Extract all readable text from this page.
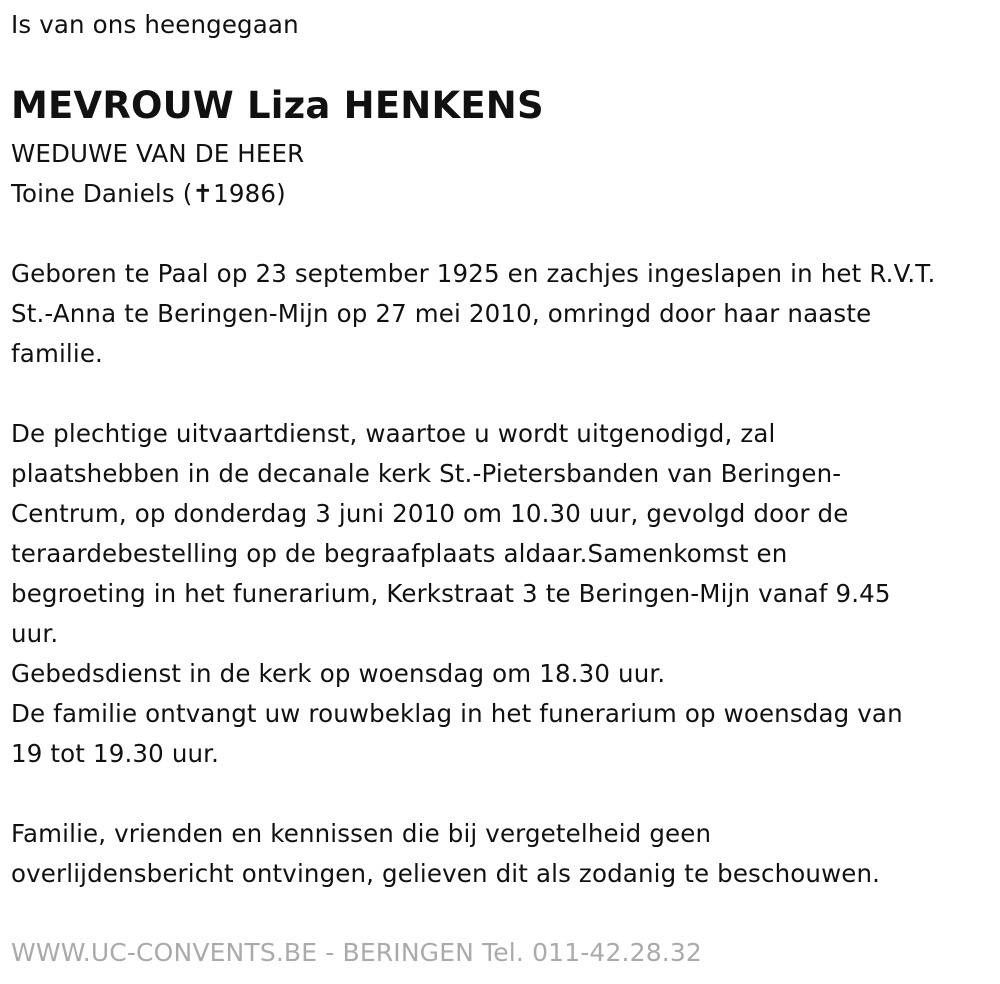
Is van ons heengegaan
MEVROUW Liza HENKENS
WEDUWE VAN DE HEER
Toine Daniels (✝1986)
Geboren te Paal op 23 september 1925 en zachjes ingeslapen in het R.V.T.
St.-Anna te Beringen-Mijn op 27 mei 2010, omringd door haar naaste
familie.
De plechtige uitvaartdienst, waartoe u wordt uitgenodigd, zal
plaatshebben in de decanale kerk St.-Pietersbanden van Beringen-
Centrum, op donderdag 3 juni 2010 om 10.30 uur, gevolgd door de
teraardebestelling op de begraafplaats aldaar.Samenkomst en
begroeting in het funerarium, Kerkstraat 3 te Beringen-Mijn vanaf 9.45
uur.
Gebedsdienst in de kerk op woensdag om 18.30 uur.
De familie ontvangt uw rouwbeklag in het funerarium op woensdag van
19 tot 19.30 uur.
Familie, vrienden en kennissen die bij vergetelheid geen
overlijdensbericht ontvingen, gelieven dit als zodanig te beschouwen.
WWW.UC-CONVENTS.BE - BERINGEN Tel. 011-42.28.32
